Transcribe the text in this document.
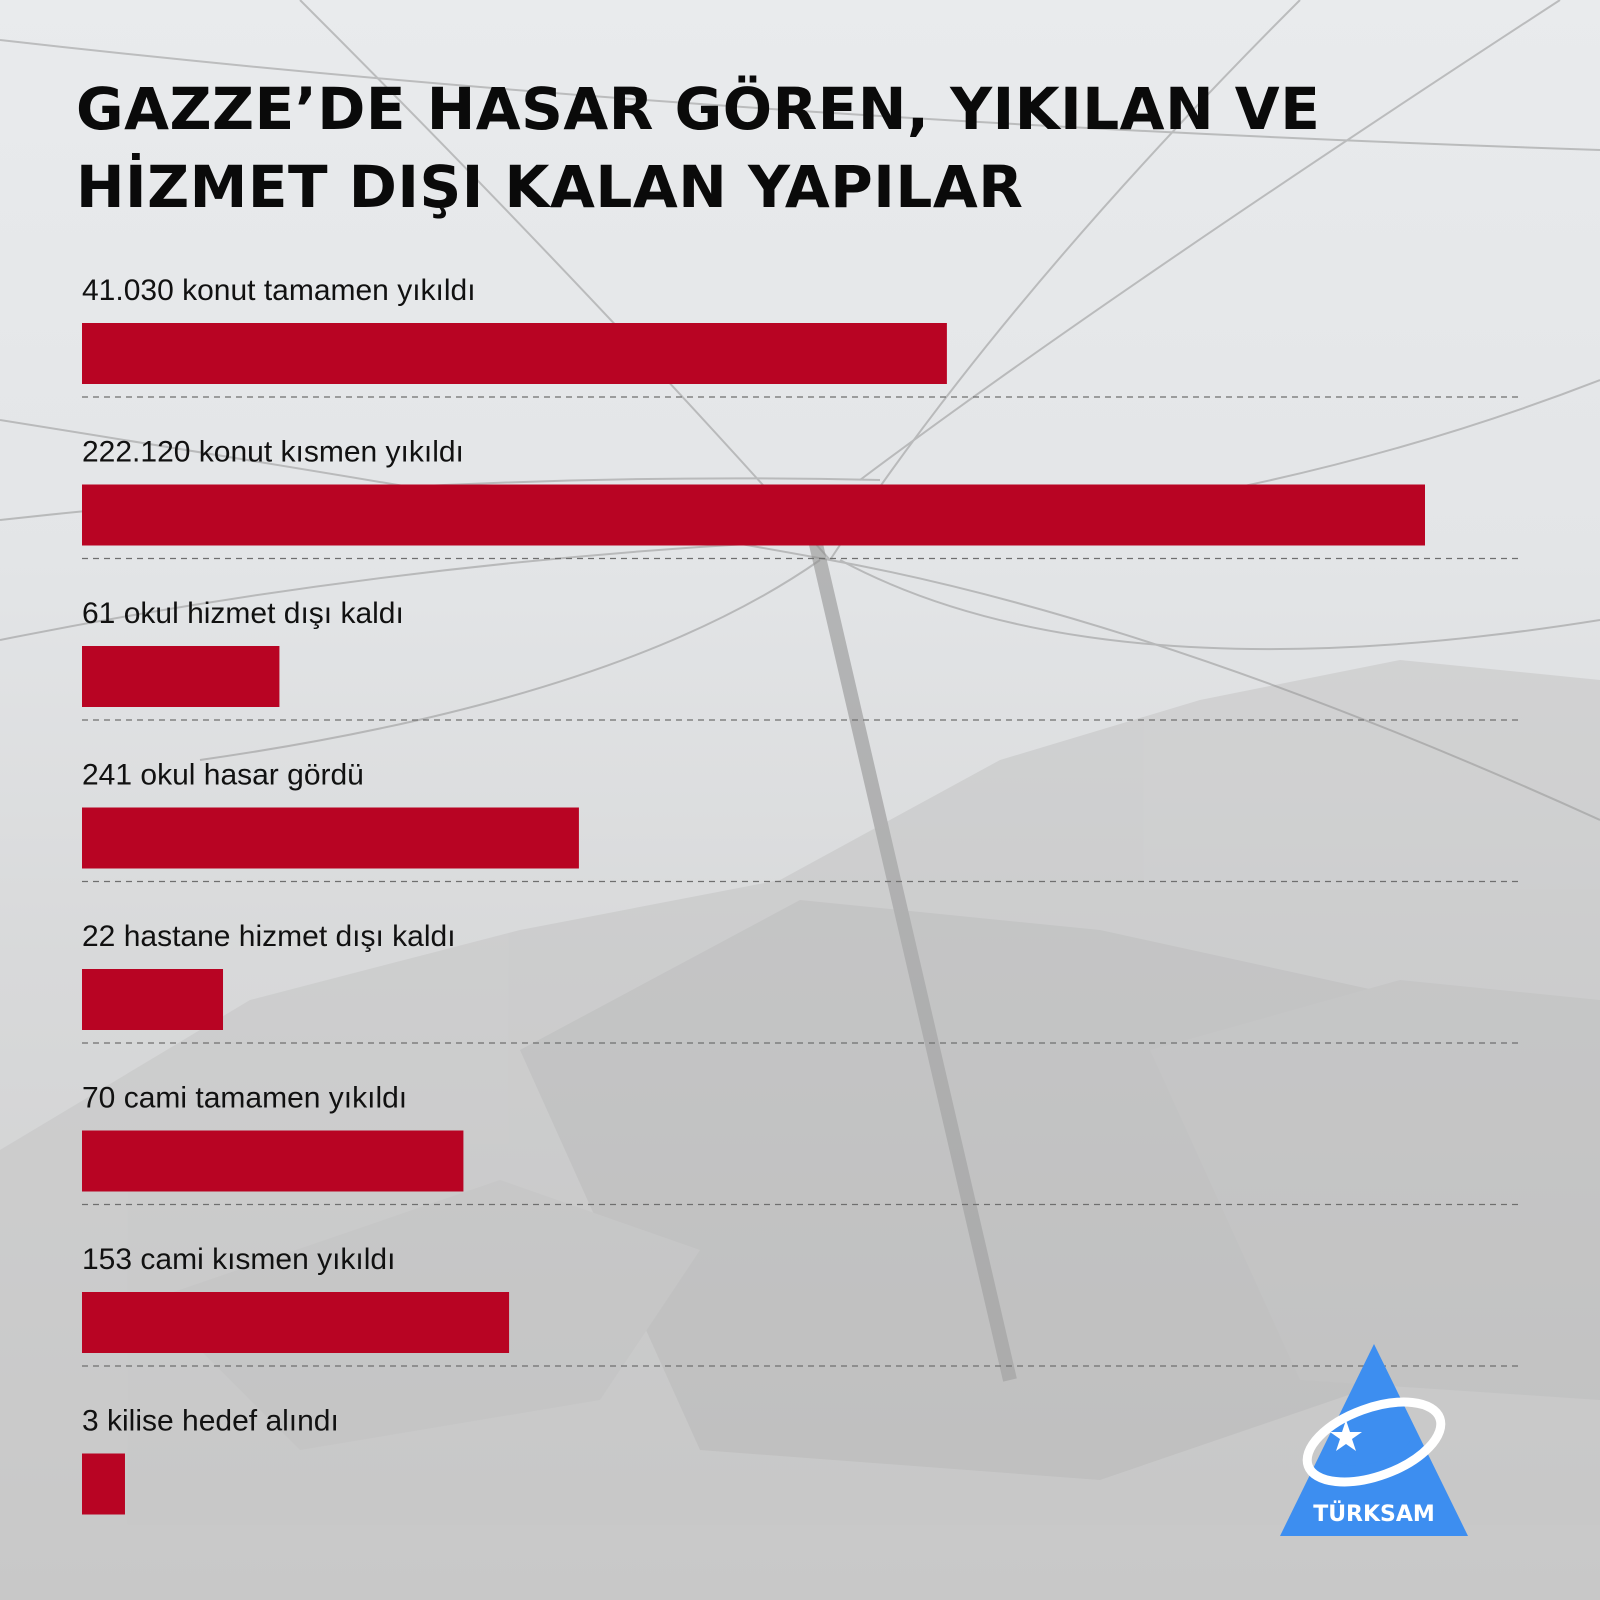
GAZZE’DE HASAR GÖREN, YIKILAN VE
HİZMET DIŞI KALAN YAPILAR
41.030 konut tamamen yıkıldı
222.120 konut kısmen yıkıldı
61 okul hizmet dışı kaldı
241 okul hasar gördü
22 hastane hizmet dışı kaldı
70 cami tamamen yıkıldı
153 cami kısmen yıkıldı
3 kilise hedef alındı
TÜRKSAM
